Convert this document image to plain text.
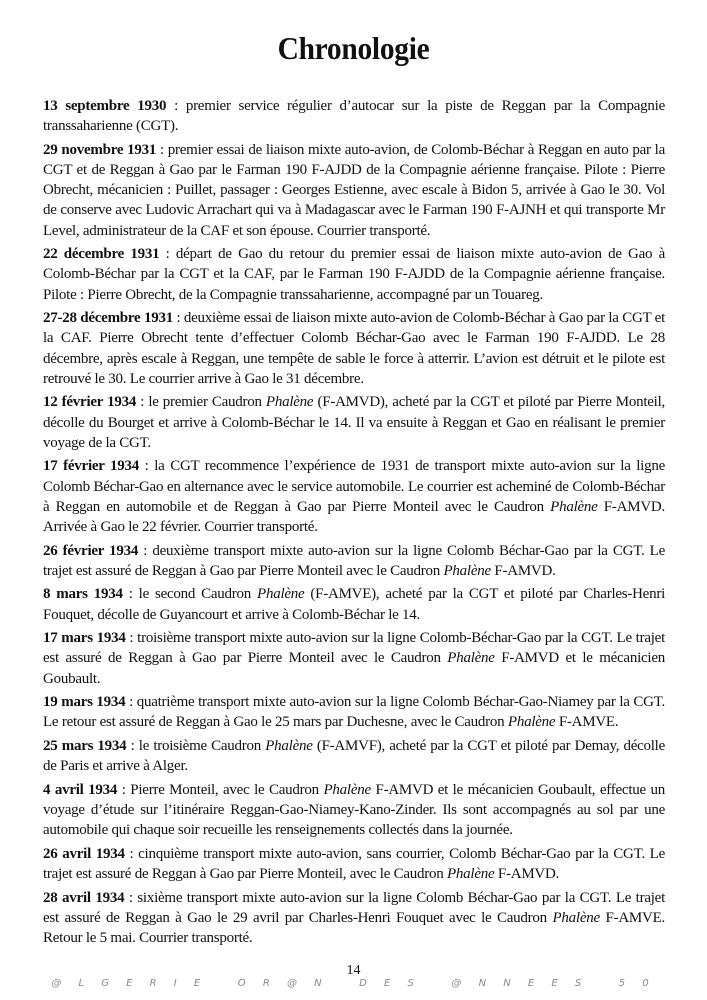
Chronologie

13 septembre 1930 : premier service régulier d’autocar sur la piste de Reggan par la Compagnie transsaharienne (CGT).

29 novembre 1931 : premier essai de liaison mixte auto-avion, de Colomb-Béchar à Reggan en auto par la CGT et de Reggan à Gao par le Farman 190 F-AJDD de la Compagnie aérienne française. Pilote : Pierre Obrecht, mécanicien : Puillet, passager : Georges Estienne, avec escale à Bidon 5, arrivée à Gao le 30. Vol de conserve avec Ludovic Arrachart qui va à Madagascar avec le Farman 190 F-AJNH et qui transporte Mr Level, administrateur de la CAF et son épouse. Courrier transporté.

22 décembre 1931 : départ de Gao du retour du premier essai de liaison mixte auto-avion de Gao à Colomb-Béchar par la CGT et la CAF, par le Farman 190 F-AJDD de la Compagnie aérienne française. Pilote : Pierre Obrecht, de la Compagnie transsaharienne, accompagné par un Touareg.

27-28 décembre 1931 : deuxième essai de liaison mixte auto-avion de Colomb-Béchar à Gao par la CGT et la CAF. Pierre Obrecht tente d’effectuer Colomb Béchar-Gao avec le Farman 190 F-AJDD. Le 28 décembre, après escale à Reggan, une tempête de sable le force à atterrir. L’avion est détruit et le pilote est retrouvé le 30. Le courrier arrive à Gao le 31 décembre.

12 février 1934 : le premier Caudron Phalène (F-AMVD), acheté par la CGT et piloté par Pierre Monteil, décolle du Bourget et arrive à Colomb-Béchar le 14. Il va ensuite à Reggan et Gao en réalisant le premier voyage de la CGT.

17 février 1934 : la CGT recommence l’expérience de 1931 de transport mixte auto-avion sur la ligne Colomb Béchar-Gao en alternance avec le service automobile. Le courrier est acheminé de Colomb-Béchar à Reggan en automobile et de Reggan à Gao par Pierre Monteil avec le Caudron Phalène F-AMVD. Arrivée à Gao le 22 février. Courrier transporté.

26 février 1934 : deuxième transport mixte auto-avion sur la ligne Colomb Béchar-Gao par la CGT. Le trajet est assuré de Reggan à Gao par Pierre Monteil avec le Caudron Phalène F-AMVD.

8 mars 1934 : le second Caudron Phalène (F-AMVE), acheté par la CGT et piloté par Charles-Henri Fouquet, décolle de Guyancourt et arrive à Colomb-Béchar le 14.

17 mars 1934 : troisième transport mixte auto-avion sur la ligne Colomb-Béchar-Gao par la CGT. Le trajet est assuré de Reggan à Gao par Pierre Monteil avec le Caudron Phalène F-AMVD et le mécanicien Goubault.

19 mars 1934 : quatrième transport mixte auto-avion sur la ligne Colomb Béchar-Gao-Niamey par la CGT. Le retour est assuré de Reggan à Gao le 25 mars par Duchesne, avec le Caudron Phalène F-AMVE.

25 mars 1934 : le troisième Caudron Phalène (F-AMVF), acheté par la CGT et piloté par Demay, décolle de Paris et arrive à Alger.

4 avril 1934 : Pierre Monteil, avec le Caudron Phalène F-AMVD et le mécanicien Goubault, effectue un voyage d’étude sur l’itinéraire Reggan-Gao-Niamey-Kano-Zinder. Ils sont accompagnés au sol par une automobile qui chaque soir recueille les renseignements collectés dans la journée.

26 avril 1934 : cinquième transport mixte auto-avion, sans courrier, Colomb Béchar-Gao par la CGT. Le trajet est assuré de Reggan à Gao par Pierre Monteil, avec le Caudron Phalène F-AMVD.

28 avril 1934 : sixième transport mixte auto-avion sur la ligne Colomb Béchar-Gao par la CGT. Le trajet est assuré de Reggan à Gao le 29 avril par Charles-Henri Fouquet avec le Caudron Phalène F-AMVE. Retour le 5 mai. Courrier transporté.

14
@ L G E R I E   O R @ N   D E S   @ N N E E S   5 0
